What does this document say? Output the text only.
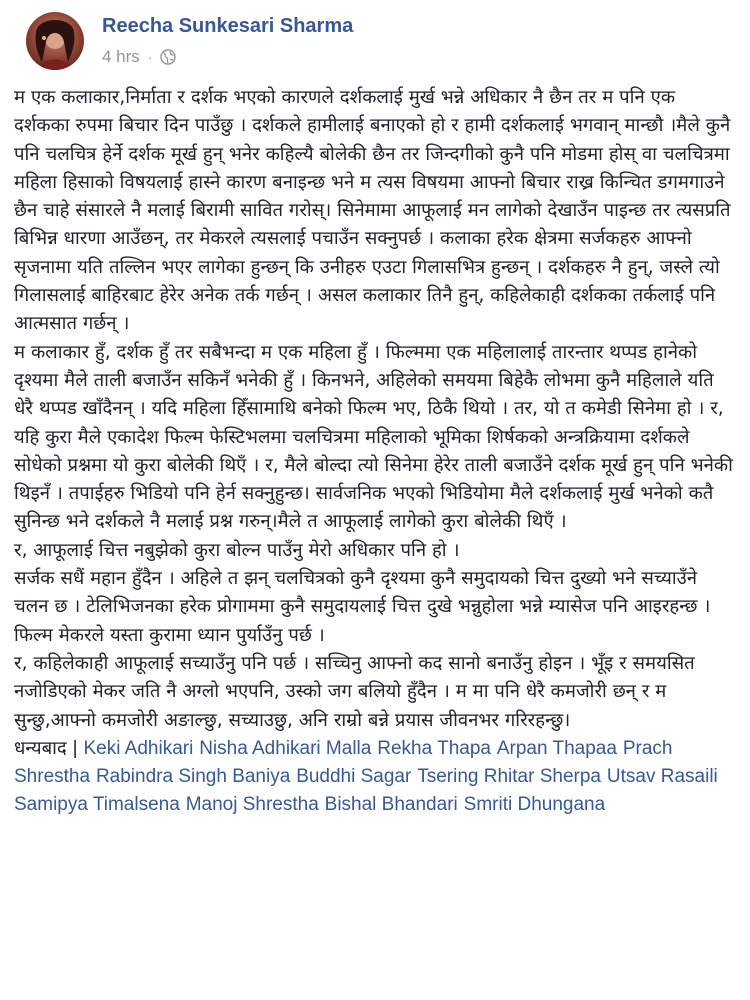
Reecha Sunkesari Sharma
4 hrs ·

म एक कलाकार,निर्माता र दर्शक भएको कारणले दर्शकलाई मुर्ख भन्ने अधिकार नै छैन तर म पनि एक दर्शकका रुपमा बिचार दिन पाउँछु । दर्शकले हामीलाई बनाएको हो र हामी दर्शकलाई भगवान् मान्छौ ।मैले कुनै पनि चलचित्र हेर्ने दर्शक मूर्ख हुन् भनेर कहिल्यै बोलेकी छैन तर जिन्दगीको कुनै पनि मोडमा होस् वा चलचित्रमा महिला हिसाको विषयलाई हास्ने कारण बनाइन्छ भने म त्यस विषयमा आफ्नो बिचार राख्र किन्चित डगमगाउने छैन चाहे संसारले नै मलाई बिरामी सावित गरोस्। सिनेमामा आफूलाई मन लागेको देखाउँन पाइन्छ तर त्यसप्रति बिभिन्न धारणा आउँछन्, तर मेकरले त्यसलाई पचाउँन सक्नुपर्छ । कलाका हरेक क्षेत्रमा सर्जकहरु आफ्नो सृजनामा यति तल्लिन भएर लागेका हुन्छन् कि उनीहरु एउटा गिलासभित्र हुन्छन् । दर्शकहरु नै हुन्, जस्ले त्यो गिलासलाई बाहिरबाट हेरेर अनेक तर्क गर्छन् । असल कलाकार तिनै हुन्, कहिलेकाही दर्शकका तर्कलाई पनि आत्मसात गर्छन् ।

म कलाकार हुँ, दर्शक हुँ तर सबैभन्दा म एक महिला हुँ । फिल्ममा एक महिलालाई तारन्तार थप्पड हानेको दृश्यमा मैले ताली बजाउँन सकिनँ भनेकी हुँ । किनभने, अहिलेको समयमा बिहेकै लोभमा कुनै महिलाले यति धेरै थप्पड खाँदैनन् । यदि महिला हिँसामाथि बनेको फिल्म भए, ठिकै थियो । तर, यो त कमेडी सिनेमा हो । र, यहि कुरा मैले एकादेश फिल्म फेस्टिभलमा चलचित्रमा महिलाको भूमिका शिर्षकको अन्त्रक्रियामा दर्शकले सोधेको प्रश्नमा यो कुरा बोलेकी थिएँ । र, मैले बोल्दा त्यो सिनेमा हेरेर ताली बजाउँने दर्शक मूर्ख हुन् पनि भनेकी थिइनँ । तपाईहरु भिडियो पनि हेर्न सक्नुहुन्छ। सार्वजनिक भएको भिडियोमा मैले दर्शकलाई मुर्ख भनेको कतै सुनिन्छ भने दर्शकले नै मलाई प्रश्न गरुन्।मैले त आफूलाई लागेको कुरा बोलेकी थिएँ ।

र, आफूलाई चित्त नबुझेको कुरा बोल्न पाउँनु मेरो अधिकार पनि हो ।

सर्जक सधैं महान हुँदैन । अहिले त झन् चलचित्रको कुनै दृश्यमा कुनै समुदायको चित्त दुख्यो भने सच्याउँने चलन छ । टेलिभिजनका हरेक प्रोगाममा कुनै समुदायलाई चित्त दुखे भन्नुहोला भन्ने म्यासेज पनि आइरहन्छ ।

फिल्म मेकरले यस्ता कुरामा ध्यान पुर्याउँनु पर्छ ।

र, कहिलेकाही आफूलाई सच्याउँनु पनि पर्छ । सच्चिनु आफ्नो कद सानो बनाउँनु होइन । भूँइ र समयसित नजोडिएको मेकर जति नै अग्लो भएपनि, उस्को जग बलियो हुँदैन । म मा पनि धेरै कमजोरी छन् र म सुन्छु,आफ्नो कमजोरी अङाल्छु, सच्याउछु, अनि राम्रो बन्ने प्रयास जीवनभर गरिरहन्छु।

धन्यबाद | Keki Adhikari Nisha Adhikari Malla Rekha Thapa Arpan Thapaa Prach Shrestha Rabindra Singh Baniya Buddhi Sagar Tsering Rhitar Sherpa Utsav Rasaili Samipya Timalsena Manoj Shrestha Bishal Bhandari Smriti Dhungana
